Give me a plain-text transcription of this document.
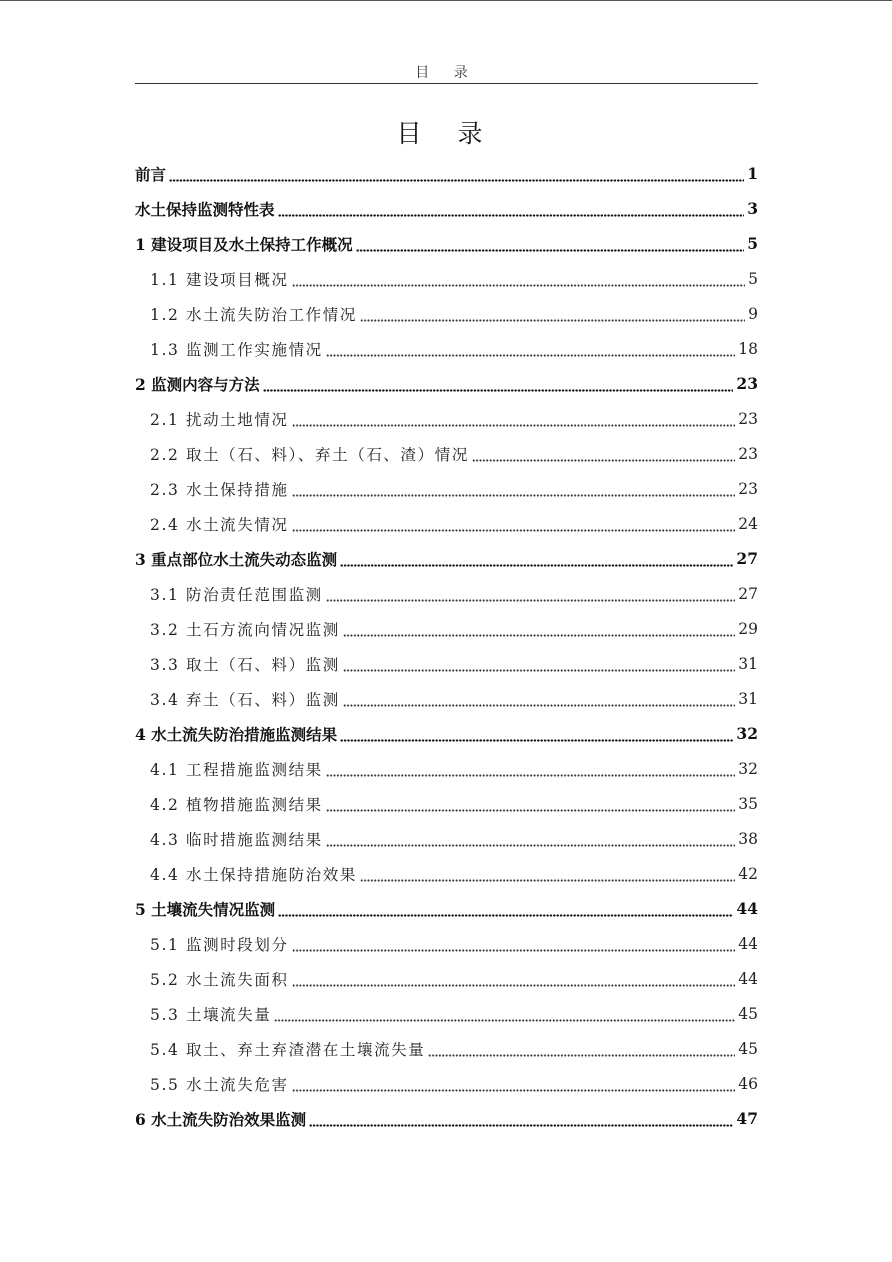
目 录
目 录
前言	1
水土保持监测特性表	3
1 建设项目及水土保持工作概况	5
1.1 建设项目概况	5
1.2 水土流失防治工作情况	9
1.3 监测工作实施情况	18
2 监测内容与方法	23
2.1 扰动土地情况	23
2.2 取土（石、料）、弃土（石、渣）情况	23
2.3 水土保持措施	23
2.4 水土流失情况	24
3 重点部位水土流失动态监测	27
3.1 防治责任范围监测	27
3.2 土石方流向情况监测	29
3.3 取土（石、料）监测	31
3.4 弃土（石、料）监测	31
4 水土流失防治措施监测结果	32
4.1 工程措施监测结果	32
4.2 植物措施监测结果	35
4.3 临时措施监测结果	38
4.4 水土保持措施防治效果	42
5 土壤流失情况监测	44
5.1 监测时段划分	44
5.2 水土流失面积	44
5.3 土壤流失量	45
5.4 取土、弃土弃渣潜在土壤流失量	45
5.5 水土流失危害	46
6 水土流失防治效果监测	47
